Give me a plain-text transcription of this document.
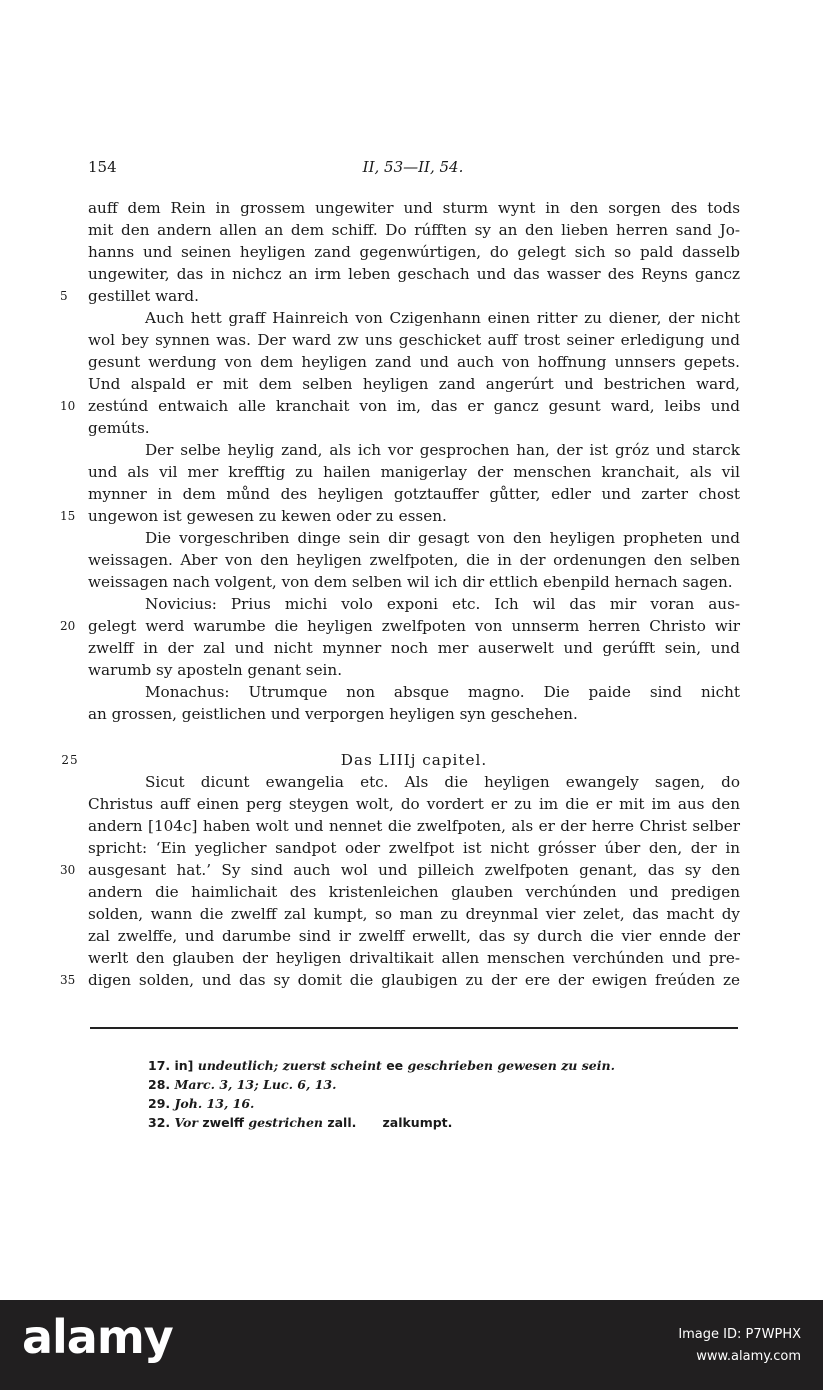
154	II, 53—II, 54.
auff dem Rein in grossem ungewiter und sturm wynt in den sorgen des tods
mit den andern allen an dem schiff. Do rúfften sy an den lieben herren sand Jo-
hanns und seinen heyligen zand gegenwúrtigen, do gelegt sich so pald dasselb
ungewiter, das in nichcz an irm leben geschach und das wasser des Reyns gancz
5	gestillet ward.
Auch hett graff Hainreich von Czigenhann einen ritter zu diener, der nicht
wol bey synnen was. Der ward zw uns geschicket auff trost seiner erledigung und
gesunt werdung von dem heyligen zand und auch von hoffnung unnsers gepets.
Und alspald er mit dem selben heyligen zand angerúrt und bestrichen ward,
10 zestúnd entwaich alle kranchait von im, das er gancz gesunt ward, leibs und
gemúts.
Der selbe heylig zand, als ich vor gesprochen han, der ist gróz und starck
und als vil mer krefftig zu hailen manigerlay der menschen kranchait, als vil
mynner in dem můnd des heyligen gotztauffer gůtter, edler und zarter chost
15 ungewon ist gewesen zu kewen oder zu essen.
Die vorgeschriben dinge sein dir gesagt von den heyligen propheten und
weissagen. Aber von den heyligen zwelfpoten, die in der ordenungen den selben
weissagen nach volgent, von dem selben wil ich dir ettlich ebenpild hernach sagen.
Novicius: Prius michi volo exponi etc. Ich wil das mir voran aus-
20 gelegt werd warumbe die heyligen zwelfpoten von unnserm herren Christo wir
zwelff in der zal und nicht mynner noch mer auserwelt und gerúfft sein, und
warumb sy aposteln genant sein.
Monachus: Utrumque non absque magno. Die paide sind nicht
an grossen, geistlichen und verporgen heyligen syn geschehen.
25	Das LIIIj capitel.
Sicut dicunt ewangelia etc. Als die heyligen ewangely sagen, do
Christus auff einen perg steygen wolt, do vordert er zu im die er mit im aus den
andern [104c] haben wolt und nennet die zwelfpoten, als er der herre Christ selber
spricht: ‘Ein yeglicher sandpot oder zwelfpot ist nicht grósser úber den, der in
30 ausgesant hat.’ Sy sind auch wol und pilleich zwelfpoten genant, das sy den
andern die haimlichait des kristenleichen glauben verchúnden und predigen
solden, wann die zwelff zal kumpt, so man zu dreynmal vier zelet, das macht dy
zal zwelffe, und darumbe sind ir zwelff erwellt, das sy durch die vier ennde der
werlt den glauben der heyligen drivaltikait allen menschen verchúnden und pre-
35 digen solden, und das sy domit die glaubigen zu der ere der ewigen freúden ze
17. in] undeutlich; zuerst scheint ee geschrieben gewesen zu sein.
28. Marc. 3, 13; Luc. 6, 13.
29. Joh. 13, 16.
32. Vor zwelff gestrichen zall.      zalkumpt.
alamy	Image ID: P7WPHX
www.alamy.com
